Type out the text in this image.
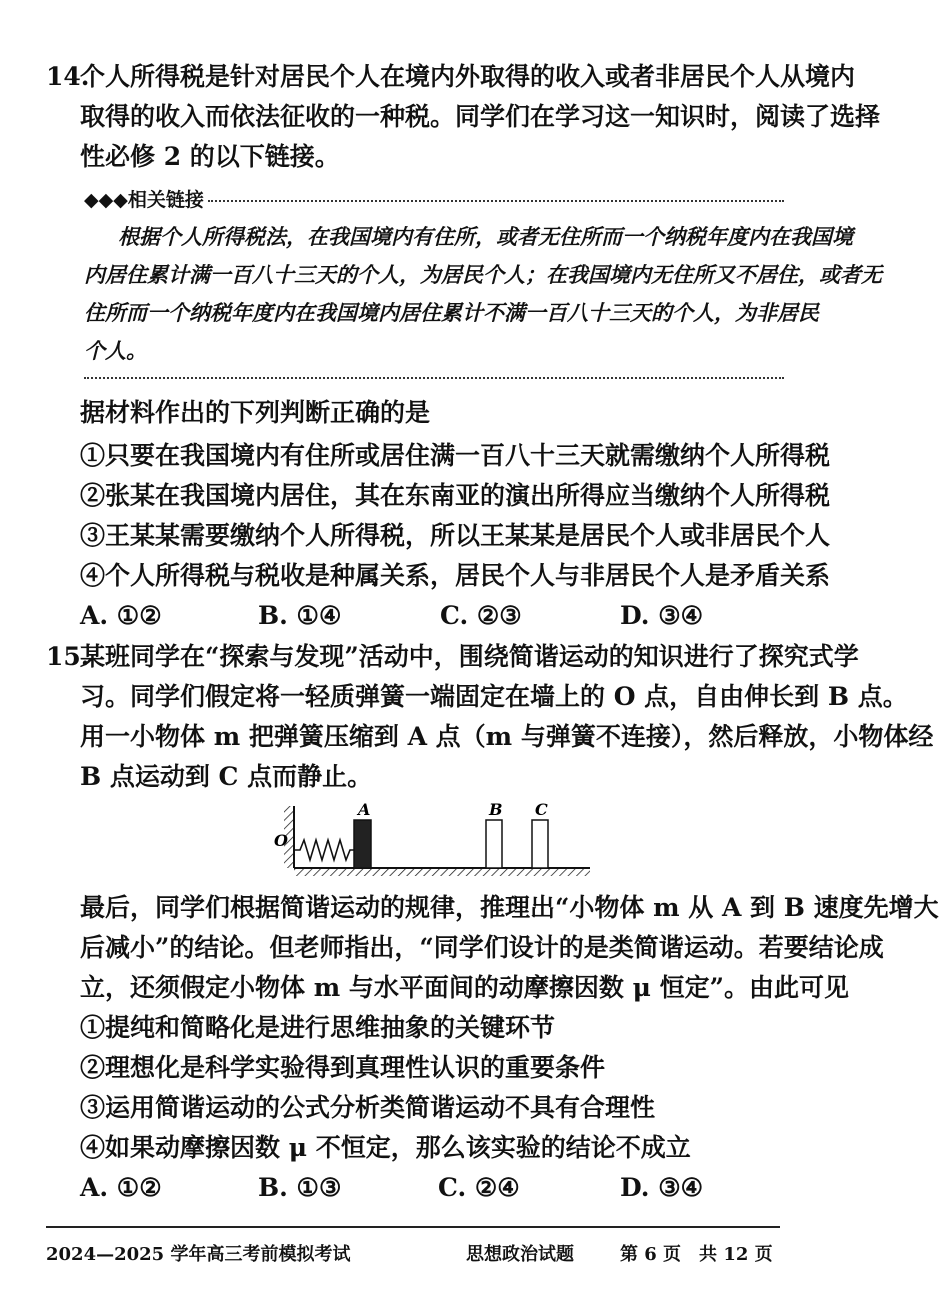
14.
个人所得税是针对居民个人在境内外取得的收入或者非居民个人从境内
取得的收入而依法征收的一种税。同学们在学习这一知识时，阅读了选择
性必修 2 的以下链接。
◆◆◆相关链接
根据个人所得税法，在我国境内有住所，或者无住所而一个纳税年度内在我国境
内居住累计满一百八十三天的个人，为居民个人；在我国境内无住所又不居住，或者无
住所而一个纳税年度内在我国境内居住累计不满一百八十三天的个人，为非居民
个人。
据材料作出的下列判断正确的是
①只要在我国境内有住所或居住满一百八十三天就需缴纳个人所得税
②张某在我国境内居住，其在东南亚的演出所得应当缴纳个人所得税
③王某某需要缴纳个人所得税，所以王某某是居民个人或非居民个人
④个人所得税与税收是种属关系，居民个人与非居民个人是矛盾关系
A. ①②	B. ①④	C. ②③	D. ③④
15.
某班同学在“探索与发现”活动中，围绕简谐运动的知识进行了探究式学
习。同学们假定将一轻质弹簧一端固定在墙上的 O 点，自由伸长到 B 点。
用一小物体 m 把弹簧压缩到 A 点（m 与弹簧不连接），然后释放，小物体经
B 点运动到 C 点而静止。
O
A	B C
最后，同学们根据简谐运动的规律，推理出“小物体 m 从 A 到 B 速度先增大
后减小”的结论。但老师指出，“同学们设计的是类简谐运动。若要结论成
立，还须假定小物体 m 与水平面间的动摩擦因数 μ 恒定”。由此可见
①提纯和简略化是进行思维抽象的关键环节
②理想化是科学实验得到真理性认识的重要条件
③运用简谐运动的公式分析类简谐运动不具有合理性
④如果动摩擦因数 μ 不恒定，那么该实验的结论不成立
A. ①②	B. ①③	C. ②④	D. ③④
2024—2025 学年高三考前模拟考试	思想政治试题	第 6 页　共 12 页
